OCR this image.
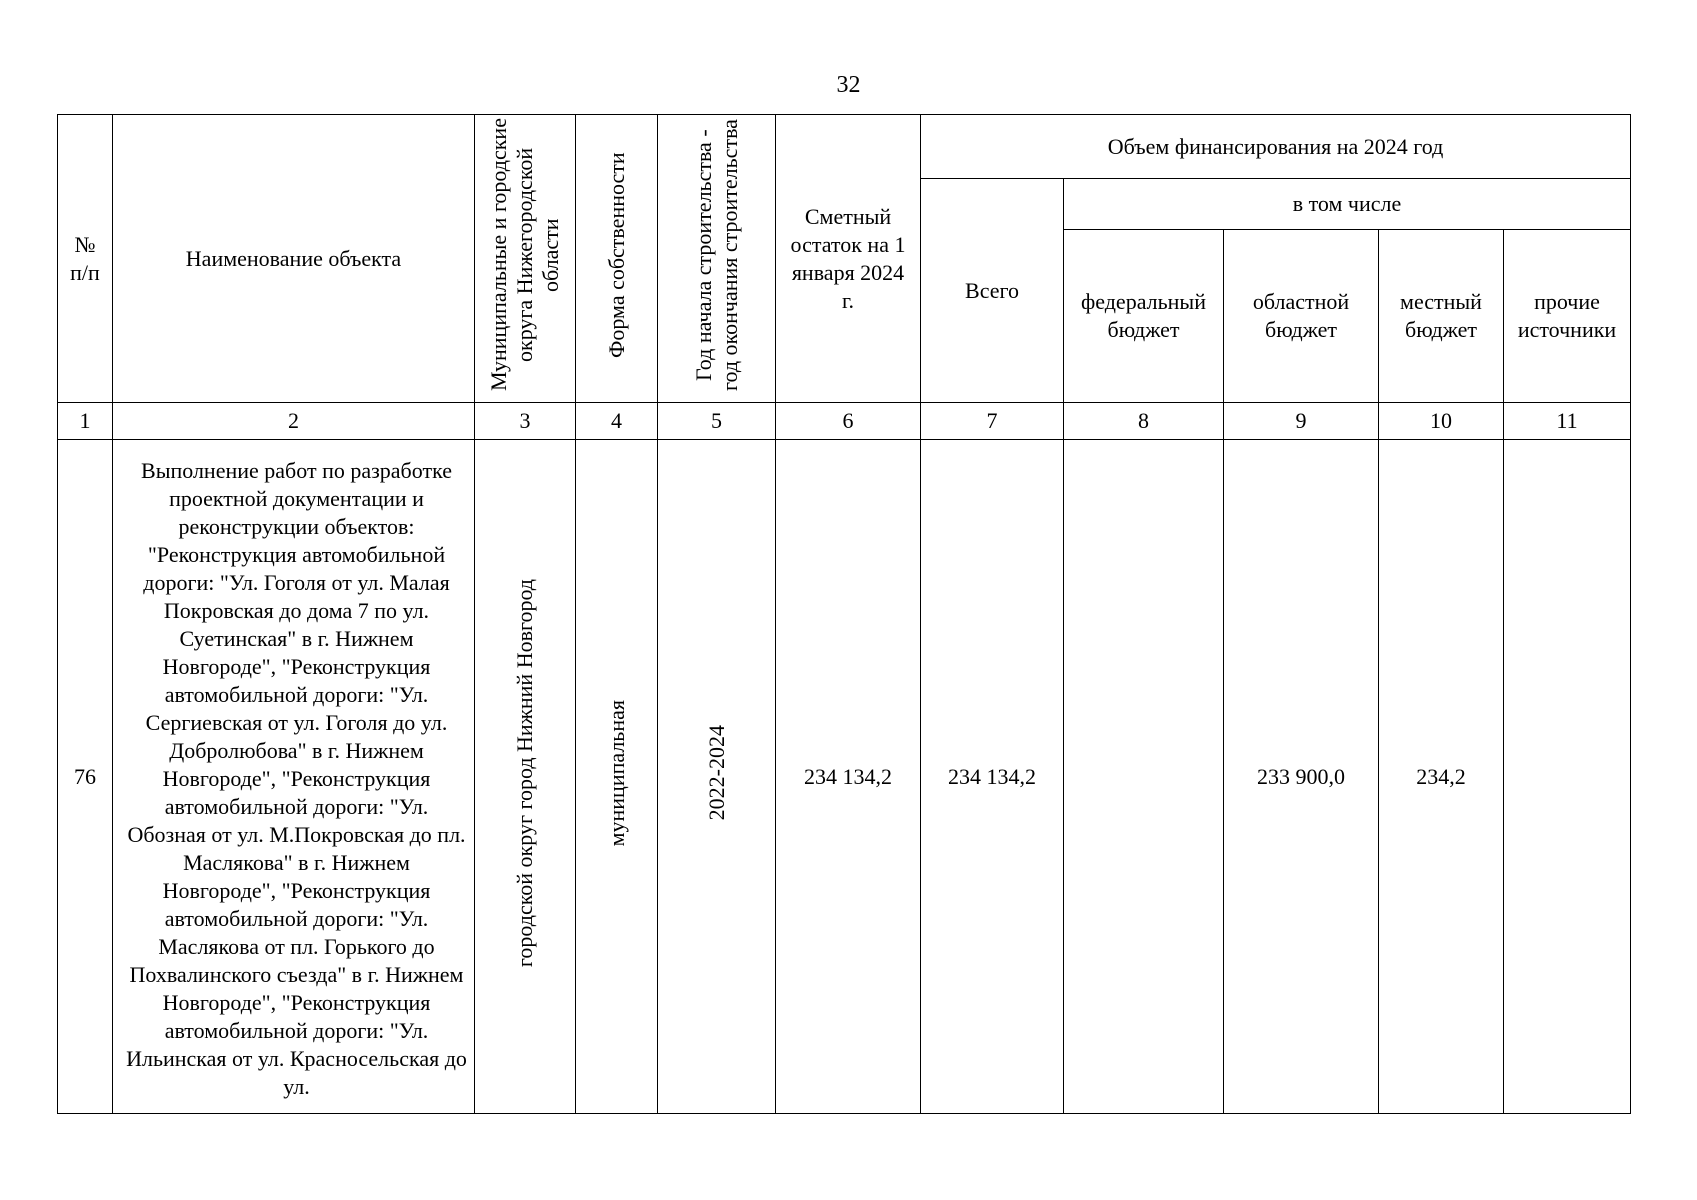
32
№ п/п	Наименование объекта	Муниципальные и городские округа Нижегородской области	Форма собственности	Год начала строительства - год окончания строительства	Сметный остаток на 1 января 2024 г.	Объем финансирования на 2024 год				
						Всего	в том числе			
							федеральный бюджет	областной бюджет	местный бюджет	прочие источники
1	2	3	4	5	6	7	8	9	10	11
76	Выполнение работ по разработке проектной документации и реконструкции объектов: "Реконструкция автомобильной дороги: "Ул. Гоголя от ул. Малая Покровская до дома 7 по ул. Суетинская" в г. Нижнем Новгороде", "Реконструкция автомобильной дороги: "Ул. Сергиевская от ул. Гоголя до ул. Добролюбова" в г. Нижнем Новгороде", "Реконструкция автомобильной дороги: "Ул. Обозная от ул. М.Покровская до пл. Маслякова" в г. Нижнем Новгороде", "Реконструкция автомобильной дороги: "Ул. Маслякова от пл. Горького до Похвалинского съезда" в г. Нижнем Новгороде", "Реконструкция автомобильной дороги: "Ул. Ильинская от ул. Красносельская до ул.	городской округ город Нижний Новгород	муниципальная	2022-2024	234 134,2	234 134,2		233 900,0	234,2	
